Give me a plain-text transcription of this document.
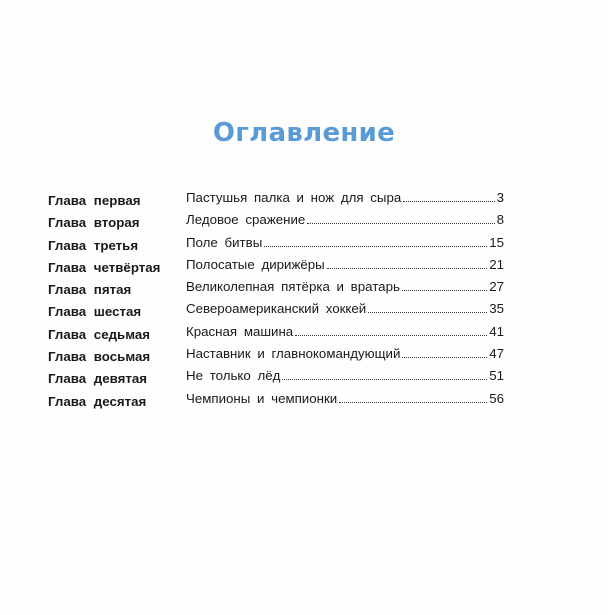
Оглавление
Глава первая	Пастушья палка и нож для сыра	3
Глава вторая	Ледовое сражение	8
Глава третья	Поле битвы	15
Глава четвёртая	Полосатые дирижёры	21
Глава пятая	Великолепная пятёрка и вратарь	27
Глава шестая	Североамериканский хоккей	35
Глава седьмая	Красная машина	41
Глава восьмая	Наставник и главнокомандующий	47
Глава девятая	Не только лёд	51
Глава десятая	Чемпионы и чемпионки	56
